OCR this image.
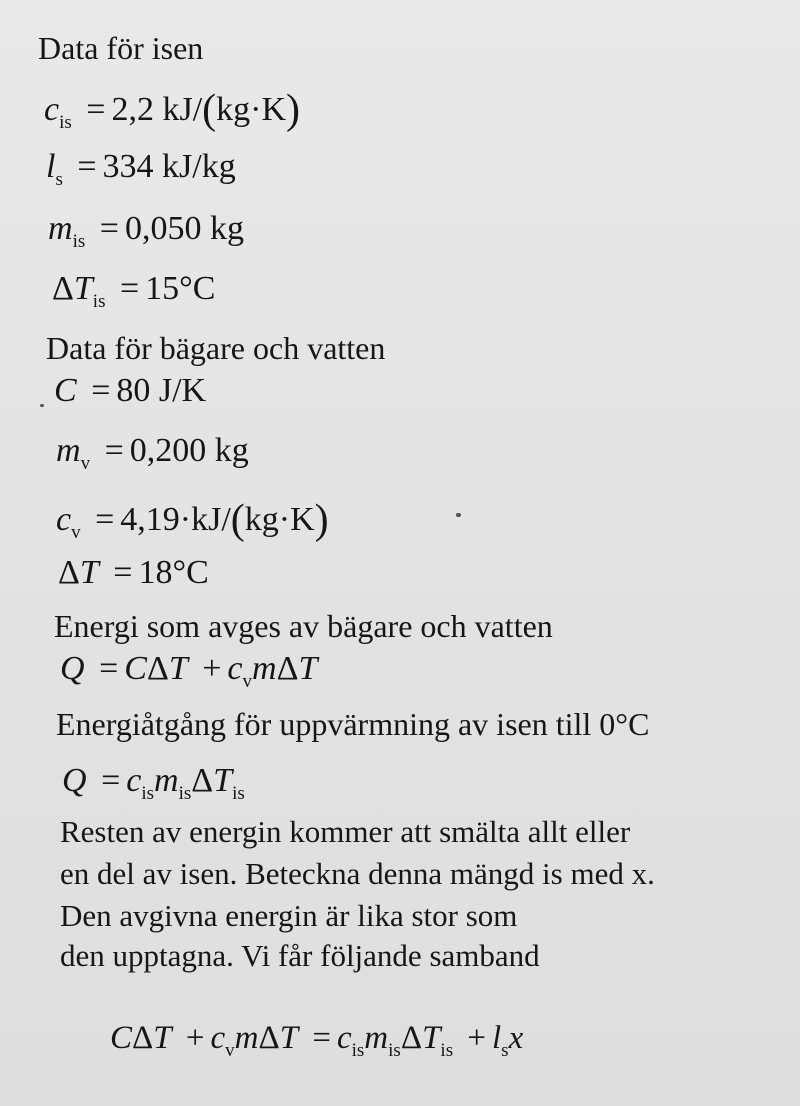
Data för isen
$c_{is} = 2,2$ kJ/(kg·K)
$l_s = 334$ kJ/kg
$m_{is} = 0,050$ kg
$\Delta T_{is} = 15^\circ C$
Data för bägare och vatten
C = 80 J/K
$m_v = 0,200$ kg
$c_v = 4,19\cdot kJ/(kg\cdot K)$
ΔT = 18°C
Energi som avges av bägare och vatten
$Q = C\Delta T + c_vm\Delta T$
Energiåtgång för uppvärmning av isen till 0°C
$Q = c_{is}m_{is}\Delta T_{is}$
Resten av energin kommer att smälta allt eller
en del av isen. Beteckna denna mängd is med x.
Den avgivna energin är lika stor som
den upptagna. Vi får följande samband
$C\Delta T + c_vm\Delta T = c_{is}m_{is}\Delta T_{is} + l_sx$
